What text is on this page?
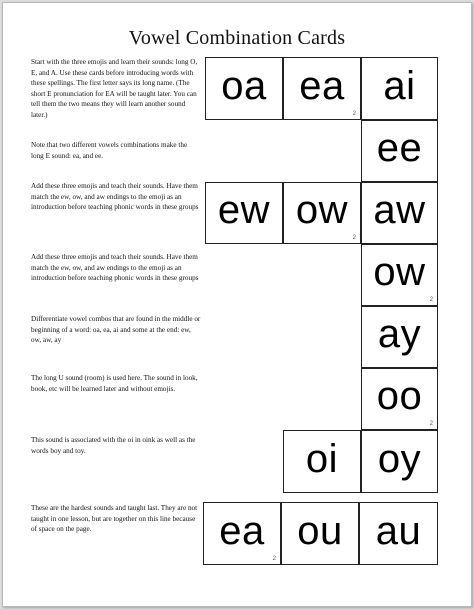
Vowel Combination Cards
Start with the three emojis and learn their sounds: long O, E, and A. Use these cards before introducing words with these spellings. The first letter says its long name. (The short E pronunciation for EA will be taught later. You can tell them the two means they will learn another sound later.)
Note that two different vowels combinations make the long E sound: ea, and ee.
Add these three emojis and teach their sounds. Have them match the ew, ow, and aw endings to the emoji as an introduction before teaching phonic words in these groups
Add these three emojis and teach their sounds. Have them match the ew, ow, and aw endings to the emoji as an introduction before teaching phonic words in these groups
Differentiate vowel combos that are found in the middle or beginning of a word: oa, ea, ai and some at the end: ew, ow, aw, ay
The long U sound (room) is used here. The sound in look, book, etc will be learned later and without emojis.
This sound is associated with the oi in oink as well as the words boy and toy.
These are the hardest sounds and taught last. They are not taught in one lesson, but are together on this line because of space on the page.
oa ea
2
ai
ee
ew ow
2
aw
ow
2
ay
oo
2
oi oy
ea
2
ou au
